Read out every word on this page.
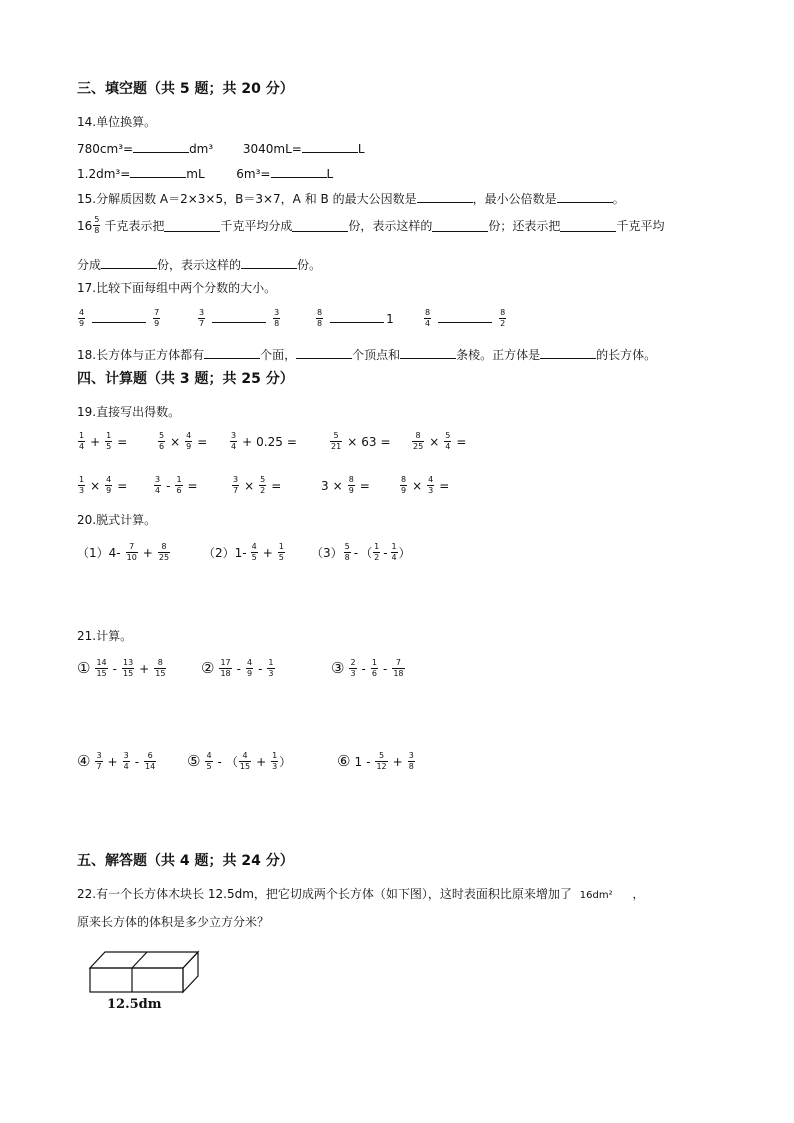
三、填空题（共 5 题；共 20 分）
14.单位换算。
780cm³=	dm³ 3040mL=	L
1.2dm³=	mL	6m³=	L
15.分解质因数 A＝2×3×5，B＝3×7，A 和 B 的最大公因数是	，最小公倍数是	。
$16 \frac{5}{8}$ 千克表示把	千克平均分成	份，表示这样的	份；还表示把	千克平均
分成	份，表示这样的	份。
17.比较下面每组中两个分数的大小。
$\frac{4}{9}$	$\frac{7}{9}$	$\frac{3}{7}$	$\frac{3}{8}$	$\frac{8}{8}$	1	$\frac{8}{4}$	$\frac{8}{2}$
18.长方体与正方体都有	个面，	个顶点和	条棱。正方体是	的长方体。
四、计算题（共 3 题；共 25 分）
19.直接写出得数。
$\frac{1}{4} + \frac{1}{5}$ =	$\frac{5}{6} \times \frac{4}{9}$ =	$\frac{3}{4} + 0.25$ =	$\frac{5}{21} \times 63$ =	$\frac{8}{25} \times \frac{5}{4}$ =
$\frac{1}{3} \times \frac{4}{9}$ =	$\frac{3}{4} - \frac{1}{6}$ =	$\frac{3}{7} \times \frac{5}{2}$ =	$3 \times \frac{8}{9}$ =	$\frac{8}{9} \times \frac{4}{3}$ =
20.脱式计算。
$(1)4- \frac{7}{10} + \frac{8}{25}$	$(2)1- \frac{4}{5} + \frac{1}{5} (3) \frac{5}{8}$ - （ $\frac{1}{2} - \frac{1}{4}$ ）
21.计算。
① $\frac{14}{15} - \frac{13}{15} + \frac{8}{15}$ ② $\frac{17}{18} - \frac{4}{9} - \frac{1}{3}$	③ $\frac{2}{3} - \frac{1}{6} - \frac{7}{18}$
④ $\frac{3}{7} + \frac{3}{4} - \frac{6}{14}$ ⑤ $\frac{4}{5}$ - （ $\frac{4}{15} + \frac{1}{3}$ ）	⑥ $1 - \frac{5}{12} + \frac{3}{8}$
五、解答题（共 4 题；共 24 分）
22.有一个长方体木块长 12.5dm，把它切成两个长方体（如下图），这时表面积比原来增加了 16dm² ，
原来长方体的体积是多少立方分米？
12.5dm
